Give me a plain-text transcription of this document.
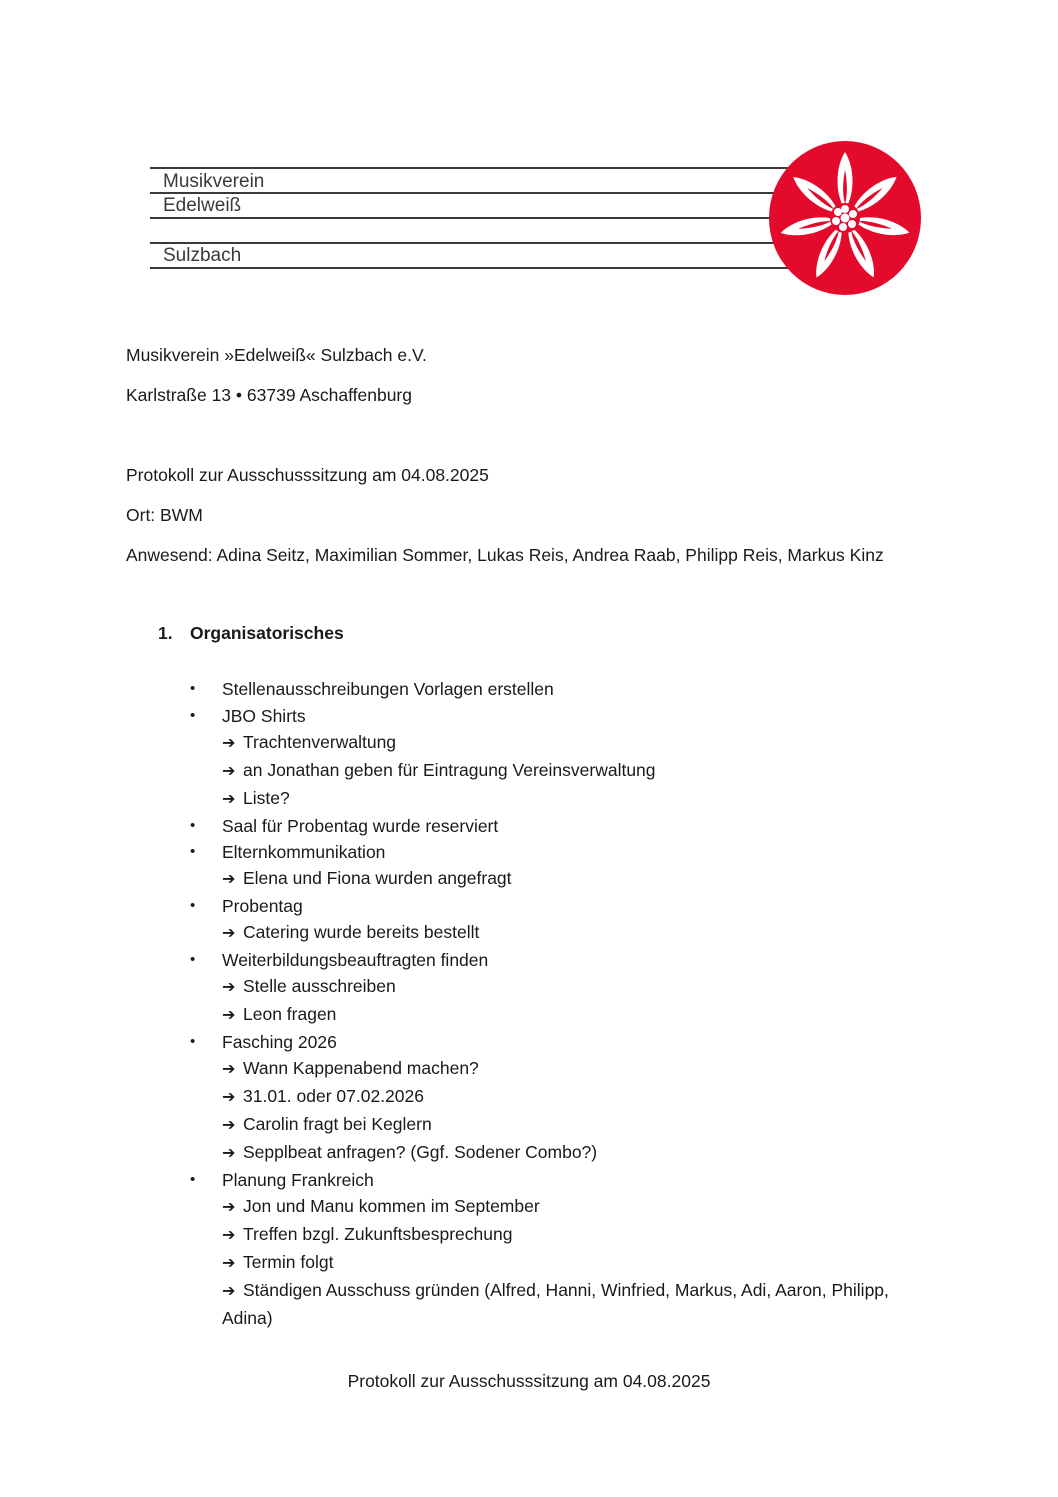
Musikverein
Edelweiß
Sulzbach
Musikverein »Edelweiß« Sulzbach e.V.
Karlstraße 13 • 63739 Aschaffenburg
Protokoll zur Ausschusssitzung am 04.08.2025
Ort: BWM
Anwesend: Adina Seitz, Maximilian Sommer, Lukas Reis, Andrea Raab, Philipp Reis, Markus Kinz
1. Organisatorisches
• Stellenausschreibungen Vorlagen erstellen
• JBO Shirts
➔ Trachtenverwaltung
➔ an Jonathan geben für Eintragung Vereinsverwaltung
➔ Liste?
• Saal für Probentag wurde reserviert
• Elternkommunikation
➔ Elena und Fiona wurden angefragt
• Probentag
➔ Catering wurde bereits bestellt
• Weiterbildungsbeauftragten finden
➔ Stelle ausschreiben
➔ Leon fragen
• Fasching 2026
➔ Wann Kappenabend machen?
➔ 31.01. oder 07.02.2026
➔ Carolin fragt bei Keglern
➔ Sepplbeat anfragen? (Ggf. Sodener Combo?)
• Planung Frankreich
➔ Jon und Manu kommen im September
➔ Treffen bzgl. Zukunftsbesprechung
➔ Termin folgt
➔ Ständigen Ausschuss gründen (Alfred, Hanni, Winfried, Markus, Adi, Aaron, Philipp, Adina)
Protokoll zur Ausschusssitzung am 04.08.2025
